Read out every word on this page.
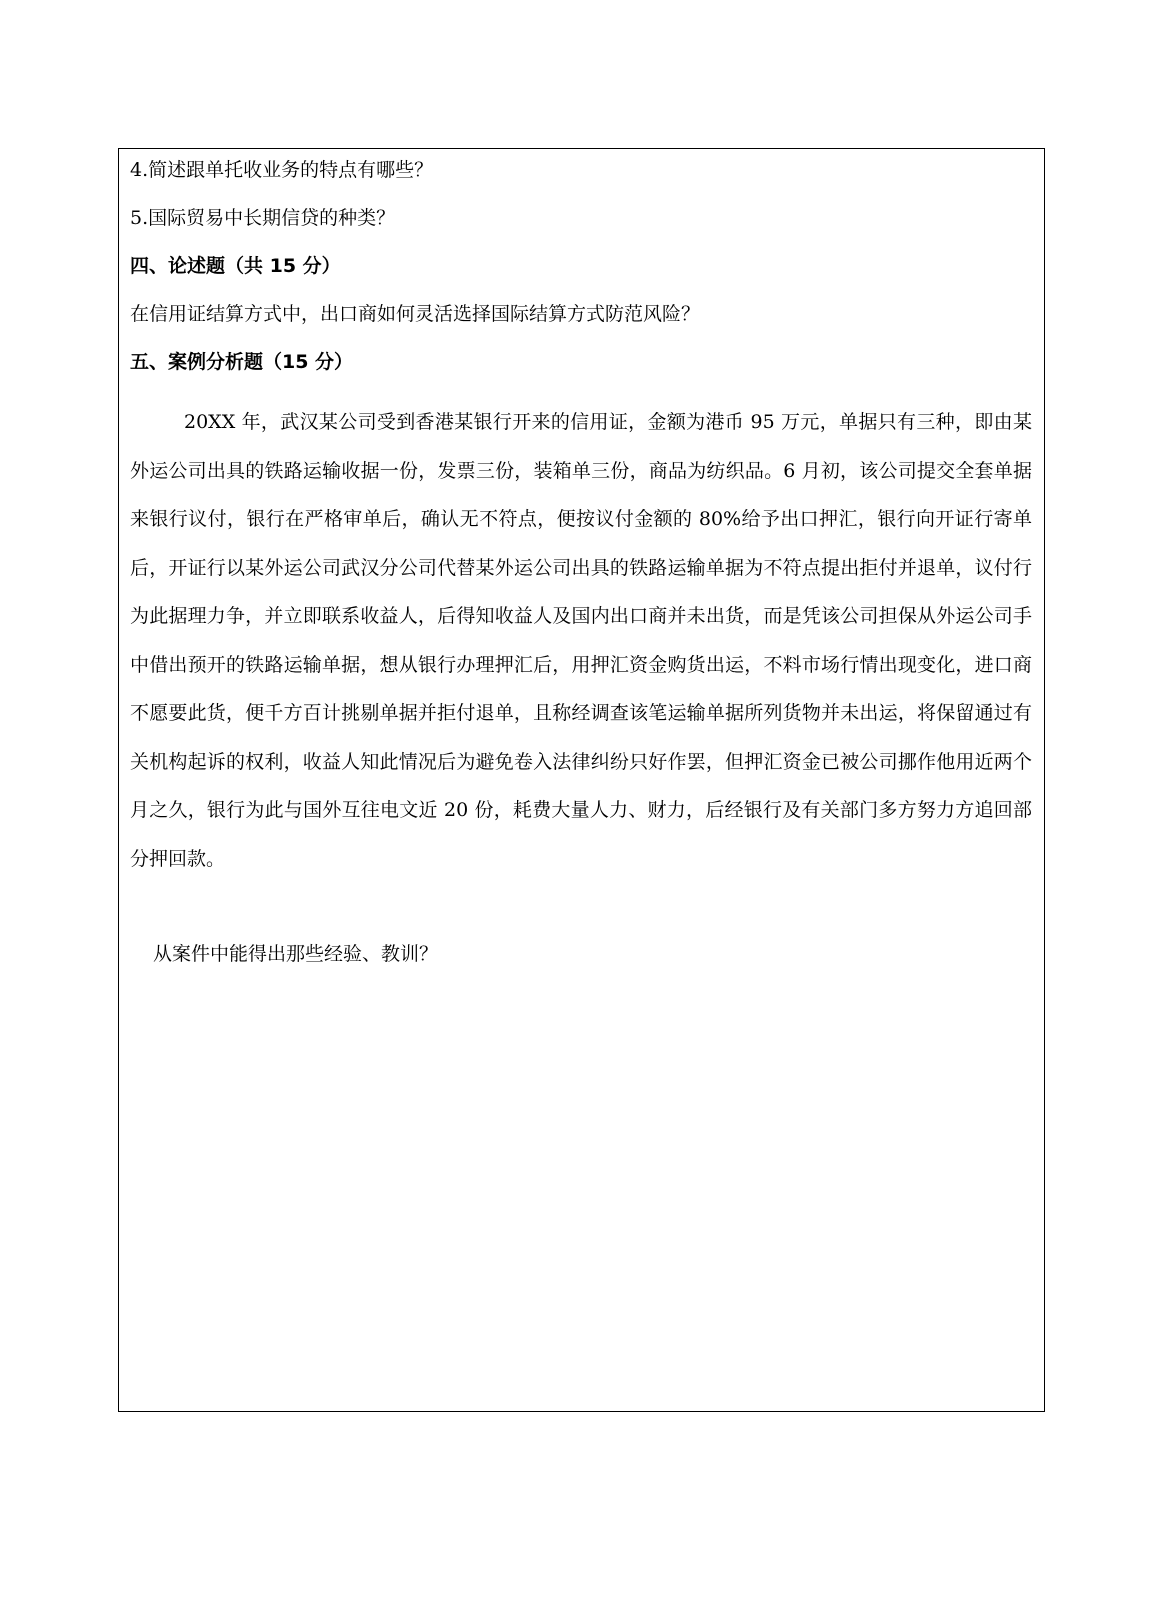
4.简述跟单托收业务的特点有哪些？
5.国际贸易中长期信贷的种类？
四、论述题（共 15 分）
在信用证结算方式中，出口商如何灵活选择国际结算方式防范风险？
五、案例分析题（15 分）

20XX 年，武汉某公司受到香港某银行开来的信用证，金额为港币 95 万元，单据只有三种，即由某外运公司出具的铁路运输收据一份，发票三份，装箱单三份，商品为纺织品。6 月初，该公司提交全套单据来银行议付，银行在严格审单后，确认无不符点，便按议付金额的 80%给予出口押汇，银行向开证行寄单后，开证行以某外运公司武汉分公司代替某外运公司出具的铁路运输单据为不符点提出拒付并退单，议付行为此据理力争，并立即联系收益人，后得知收益人及国内出口商并未出货，而是凭该公司担保从外运公司手中借出预开的铁路运输单据，想从银行办理押汇后，用押汇资金购货出运，不料市场行情出现变化，进口商不愿要此货，便千方百计挑剔单据并拒付退单，且称经调查该笔运输单据所列货物并未出运，将保留通过有关机构起诉的权利，收益人知此情况后为避免卷入法律纠纷只好作罢，但押汇资金已被公司挪作他用近两个月之久，银行为此与国外互往电文近 20 份，耗费大量人力、财力，后经银行及有关部门多方努力方追回部分押回款。

从案件中能得出那些经验、教训？
